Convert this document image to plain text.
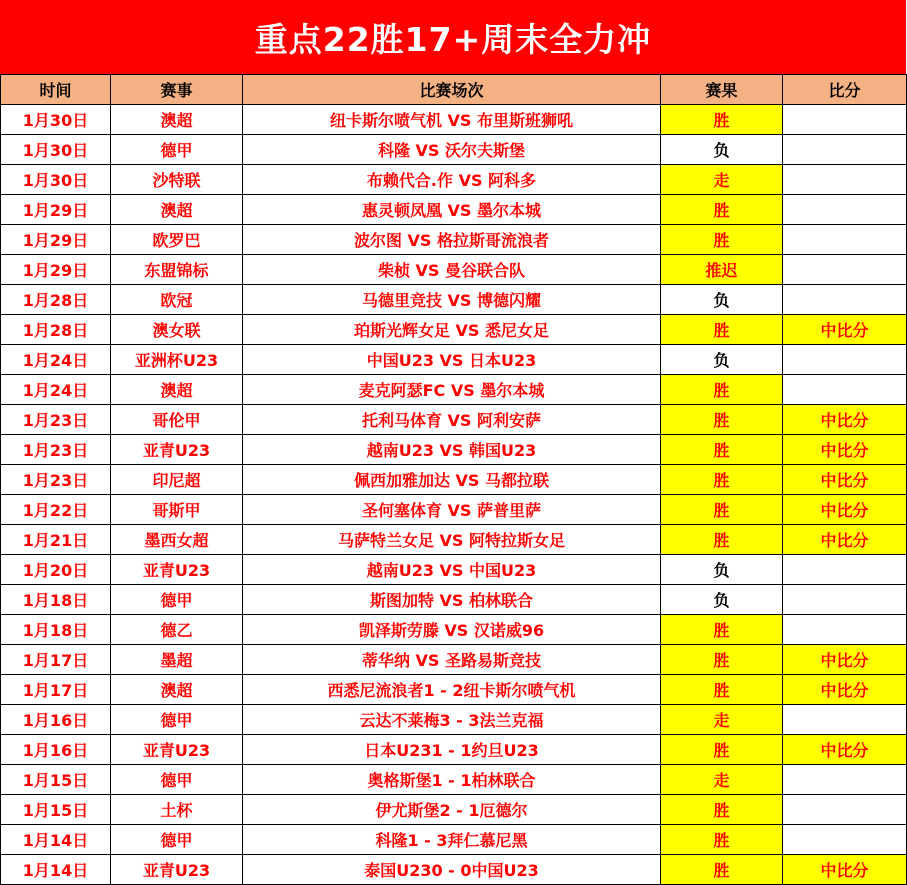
重点22胜17+周末全力冲
时间	赛事	比赛场次	赛果	比分
1月30日	澳超	纽卡斯尔喷气机 VS 布里斯班狮吼	胜	
1月30日	德甲	科隆 VS 沃尔夫斯堡	负	
1月30日	沙特联	布赖代合.作 VS 阿科多	走	
1月29日	澳超	惠灵顿凤凰 VS 墨尔本城	胜	
1月29日	欧罗巴	波尔图 VS 格拉斯哥流浪者	胜	
1月29日	东盟锦标	柴桢 VS 曼谷联合队	推迟	
1月28日	欧冠	马德里竞技 VS 博德闪耀	负	
1月28日	澳女联	珀斯光辉女足 VS 悉尼女足	胜	中比分
1月24日	亚洲杯U23	中国U23 VS 日本U23	负	
1月24日	澳超	麦克阿瑟FC VS 墨尔本城	胜	
1月23日	哥伦甲	托利马体育 VS 阿利安萨	胜	中比分
1月23日	亚青U23	越南U23 VS 韩国U23	胜	中比分
1月23日	印尼超	佩西加雅加达 VS 马都拉联	胜	中比分
1月22日	哥斯甲	圣何塞体育 VS 萨普里萨	胜	中比分
1月21日	墨西女超	马萨特兰女足 VS 阿特拉斯女足	胜	中比分
1月20日	亚青U23	越南U23 VS 中国U23	负	
1月18日	德甲	斯图加特 VS 柏林联合	负	
1月18日	德乙	凯泽斯劳滕 VS 汉诺威96	胜	
1月17日	墨超	蒂华纳 VS 圣路易斯竞技	胜	中比分
1月17日	澳超	西悉尼流浪者1 - 2纽卡斯尔喷气机	胜	中比分
1月16日	德甲	云达不莱梅3 - 3法兰克福	走	
1月16日	亚青U23	日本U231 - 1约旦U23	胜	中比分
1月15日	德甲	奥格斯堡1 - 1柏林联合	走	
1月15日	土杯	伊尤斯堡2 - 1厄德尔	胜	
1月14日	德甲	科隆1 - 3拜仁慕尼黑	胜	
1月14日	亚青U23	泰国U230 - 0中国U23	胜	中比分
